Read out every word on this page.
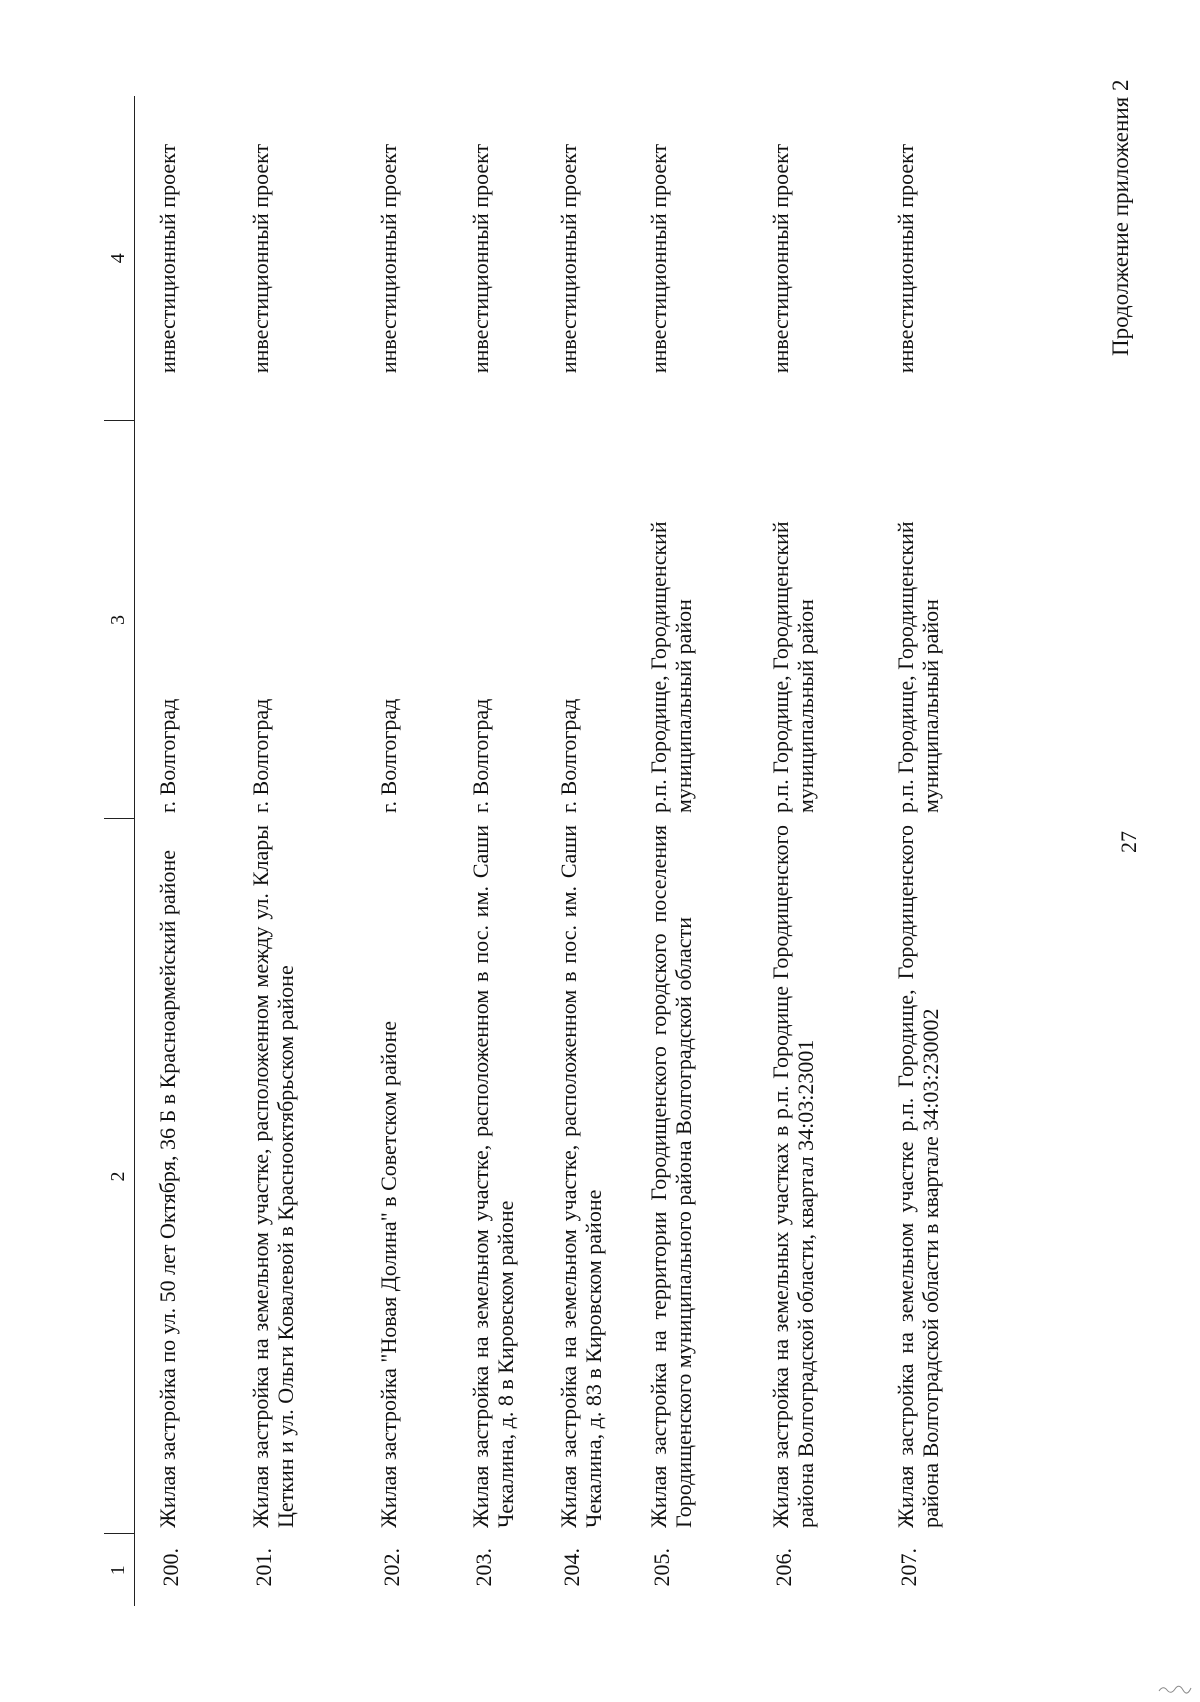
27
Продолжение приложения 2
1	2	3	4
200.	Жилая застройка по ул. 50 лет Октября, 36 Б в Красноармейский районе	г. Волгоград	инвестиционный проект
201.	Жилая застройка на земельном участке, расположенном между ул. Клары Цеткин и ул. Ольги Ковалевой в Краснооктябрьском районе	г. Волгоград	инвестиционный проект
202.	Жилая застройка "Новая Долина" в Советском районе	г. Волгоград	инвестиционный проект
203.	Жилая застройка на земельном участке, расположенном в пос. им. Саши Чекалина, д. 8 в Кировском районе	г. Волгоград	инвестиционный проект
204.	Жилая застройка на земельном участке, расположенном в пос. им. Саши Чекалина, д. 83 в Кировском районе	г. Волгоград	инвестиционный проект
205.	Жилая застройка на территории Городищенского городского поселения Городищенского муниципального района Волгоградской области	р.п. Городище, Городищенский муниципальный район	инвестиционный проект
206.	Жилая застройка на земельных участках в р.п. Городище Городищенского района Волгоградской области, квартал 34:03:23001	р.п. Городище, Городищенский муниципальный район	инвестиционный проект
207.	Жилая застройка на земельном участке р.п. Городище, Городищенского района Волгоградской области в квартале 34:03:230002	р.п. Городище, Городищенский муниципальный район	инвестиционный проект
